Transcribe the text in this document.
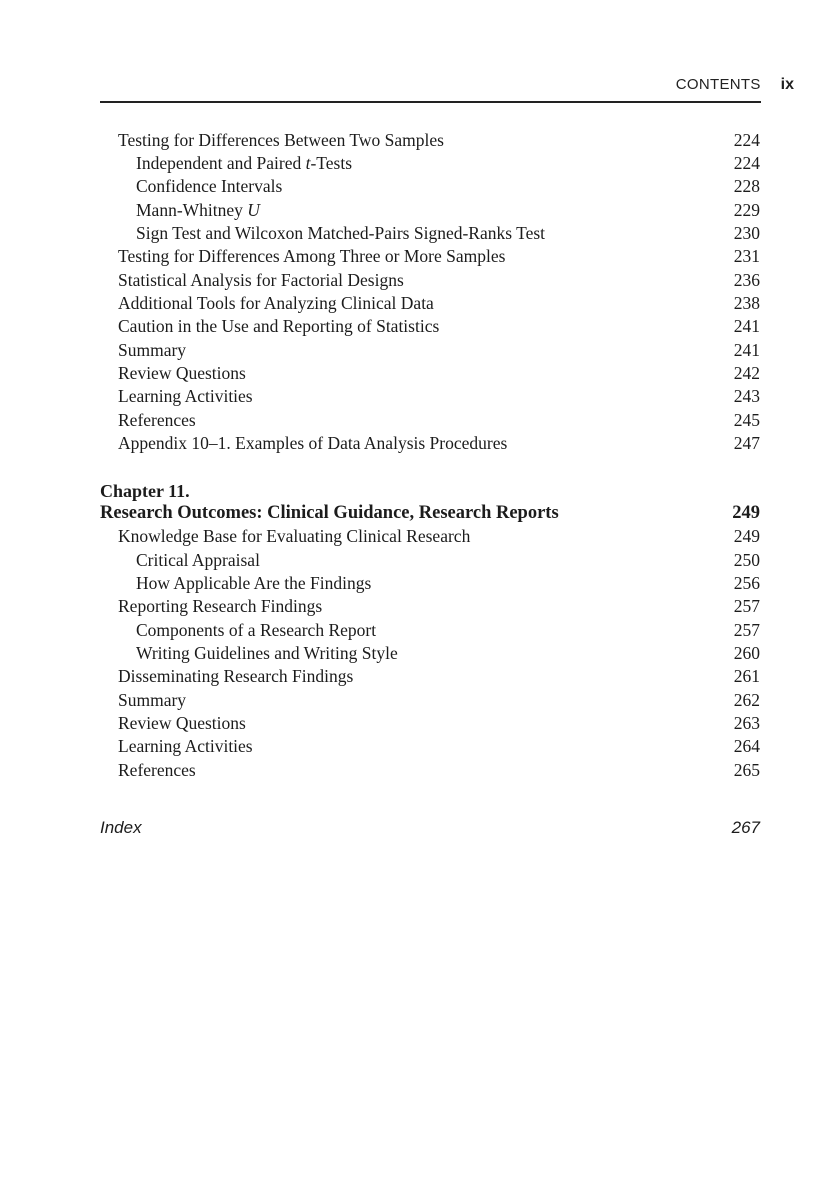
CONTENTS ix
Testing for Differences Between Two Samples	224
Independent and Paired t-Tests	224
Confidence Intervals	228
Mann-Whitney U	229
Sign Test and Wilcoxon Matched-Pairs Signed-Ranks Test	230
Testing for Differences Among Three or More Samples	231
Statistical Analysis for Factorial Designs	236
Additional Tools for Analyzing Clinical Data	238
Caution in the Use and Reporting of Statistics	241
Summary	241
Review Questions	242
Learning Activities	243
References	245
Appendix 10–1. Examples of Data Analysis Procedures	247
Chapter 11.
Research Outcomes: Clinical Guidance, Research Reports	249
Knowledge Base for Evaluating Clinical Research	249
Critical Appraisal	250
How Applicable Are the Findings	256
Reporting Research Findings	257
Components of a Research Report	257
Writing Guidelines and Writing Style	260
Disseminating Research Findings	261
Summary	262
Review Questions	263
Learning Activities	264
References	265
Index	267
